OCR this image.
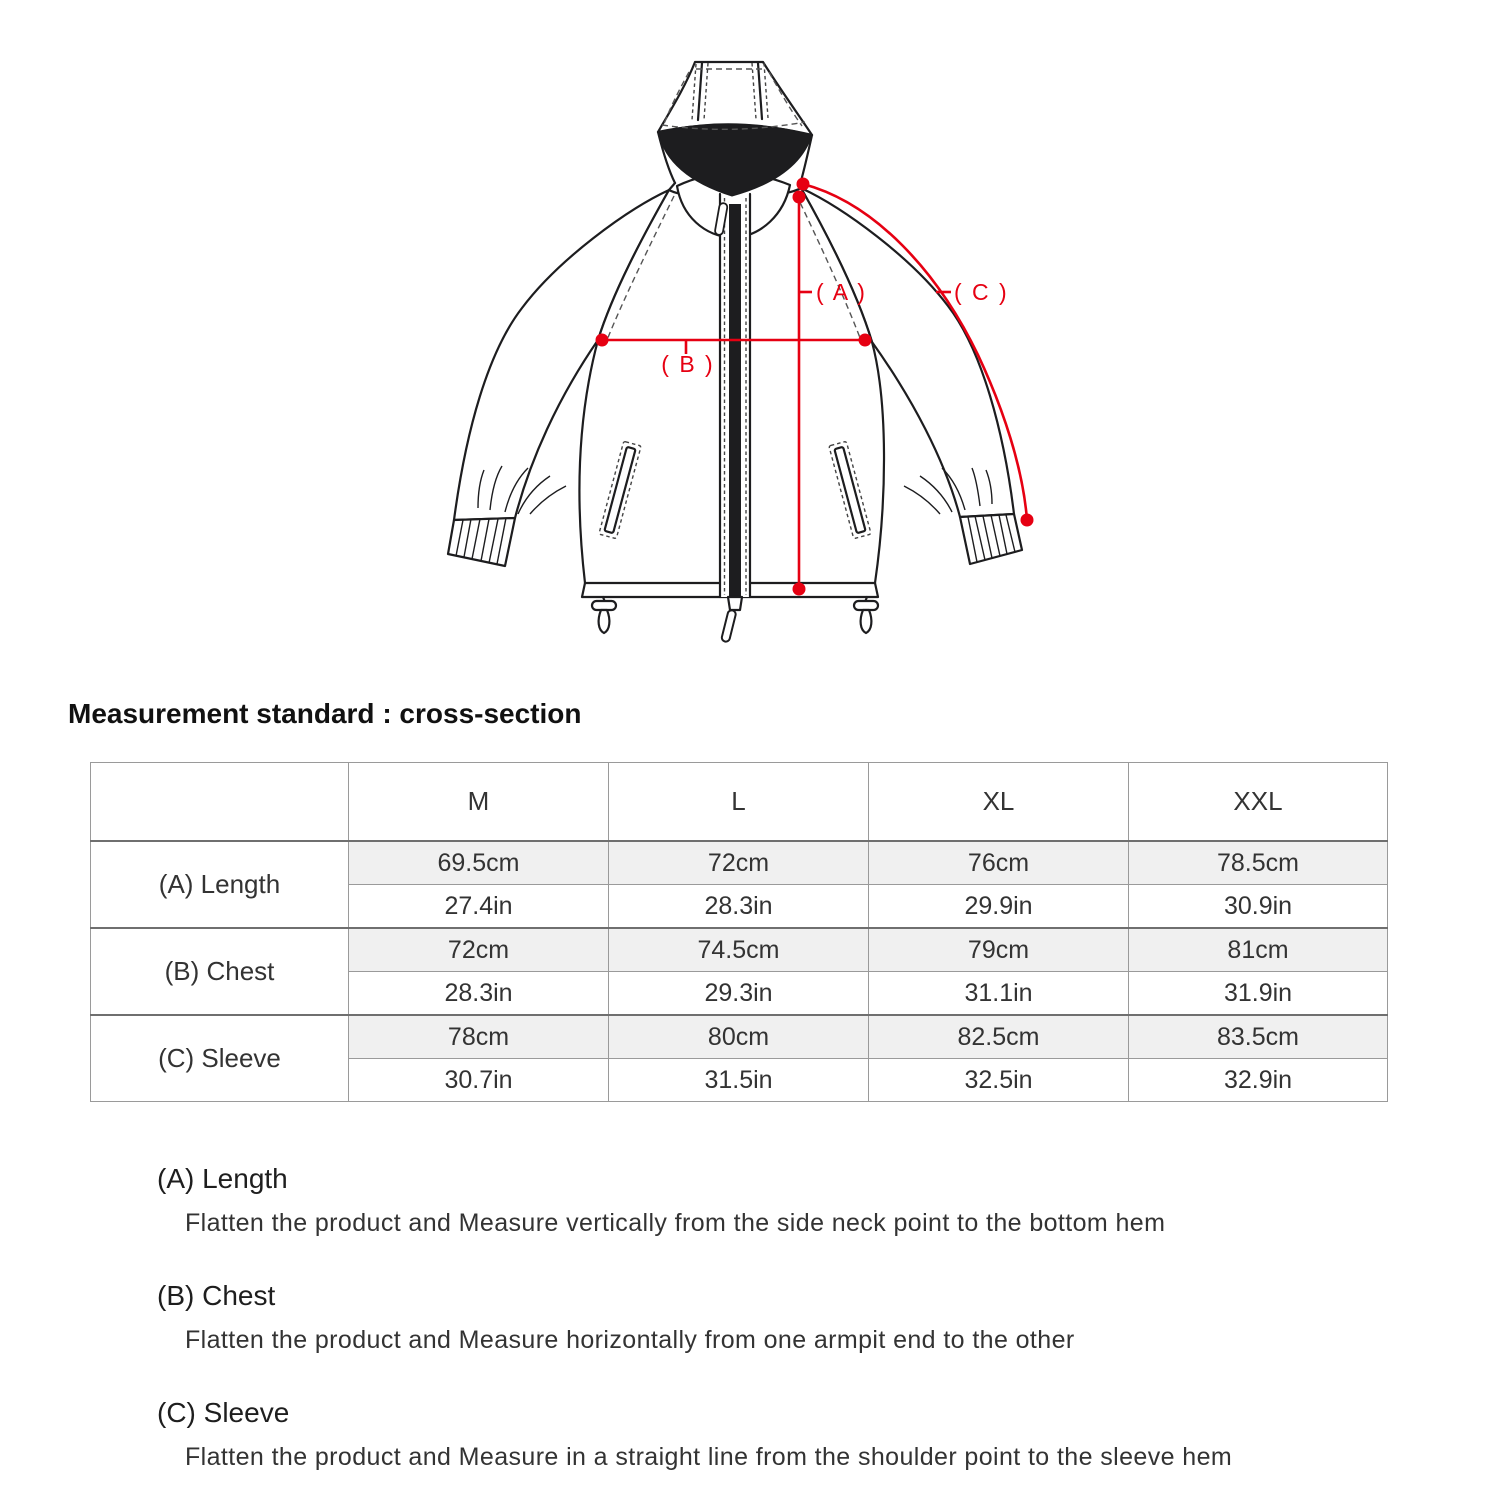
( A )
( B )
( C )
Measurement standard : cross-section
	M	L	XL	XXL
(A) Length	69.5cm	72cm	76cm	78.5cm
	27.4in	28.3in	29.9in	30.9in
(B) Chest	72cm	74.5cm	79cm	81cm
	28.3in	29.3in	31.1in	31.9in
(C) Sleeve	78cm	80cm	82.5cm	83.5cm
	30.7in	31.5in	32.5in	32.9in
(A) Length
Flatten the product and Measure vertically from the side neck point to the bottom hem
(B) Chest
Flatten the product and Measure horizontally from one armpit end to the other
(C) Sleeve
Flatten the product and Measure in a straight line from the shoulder point to the sleeve hem
